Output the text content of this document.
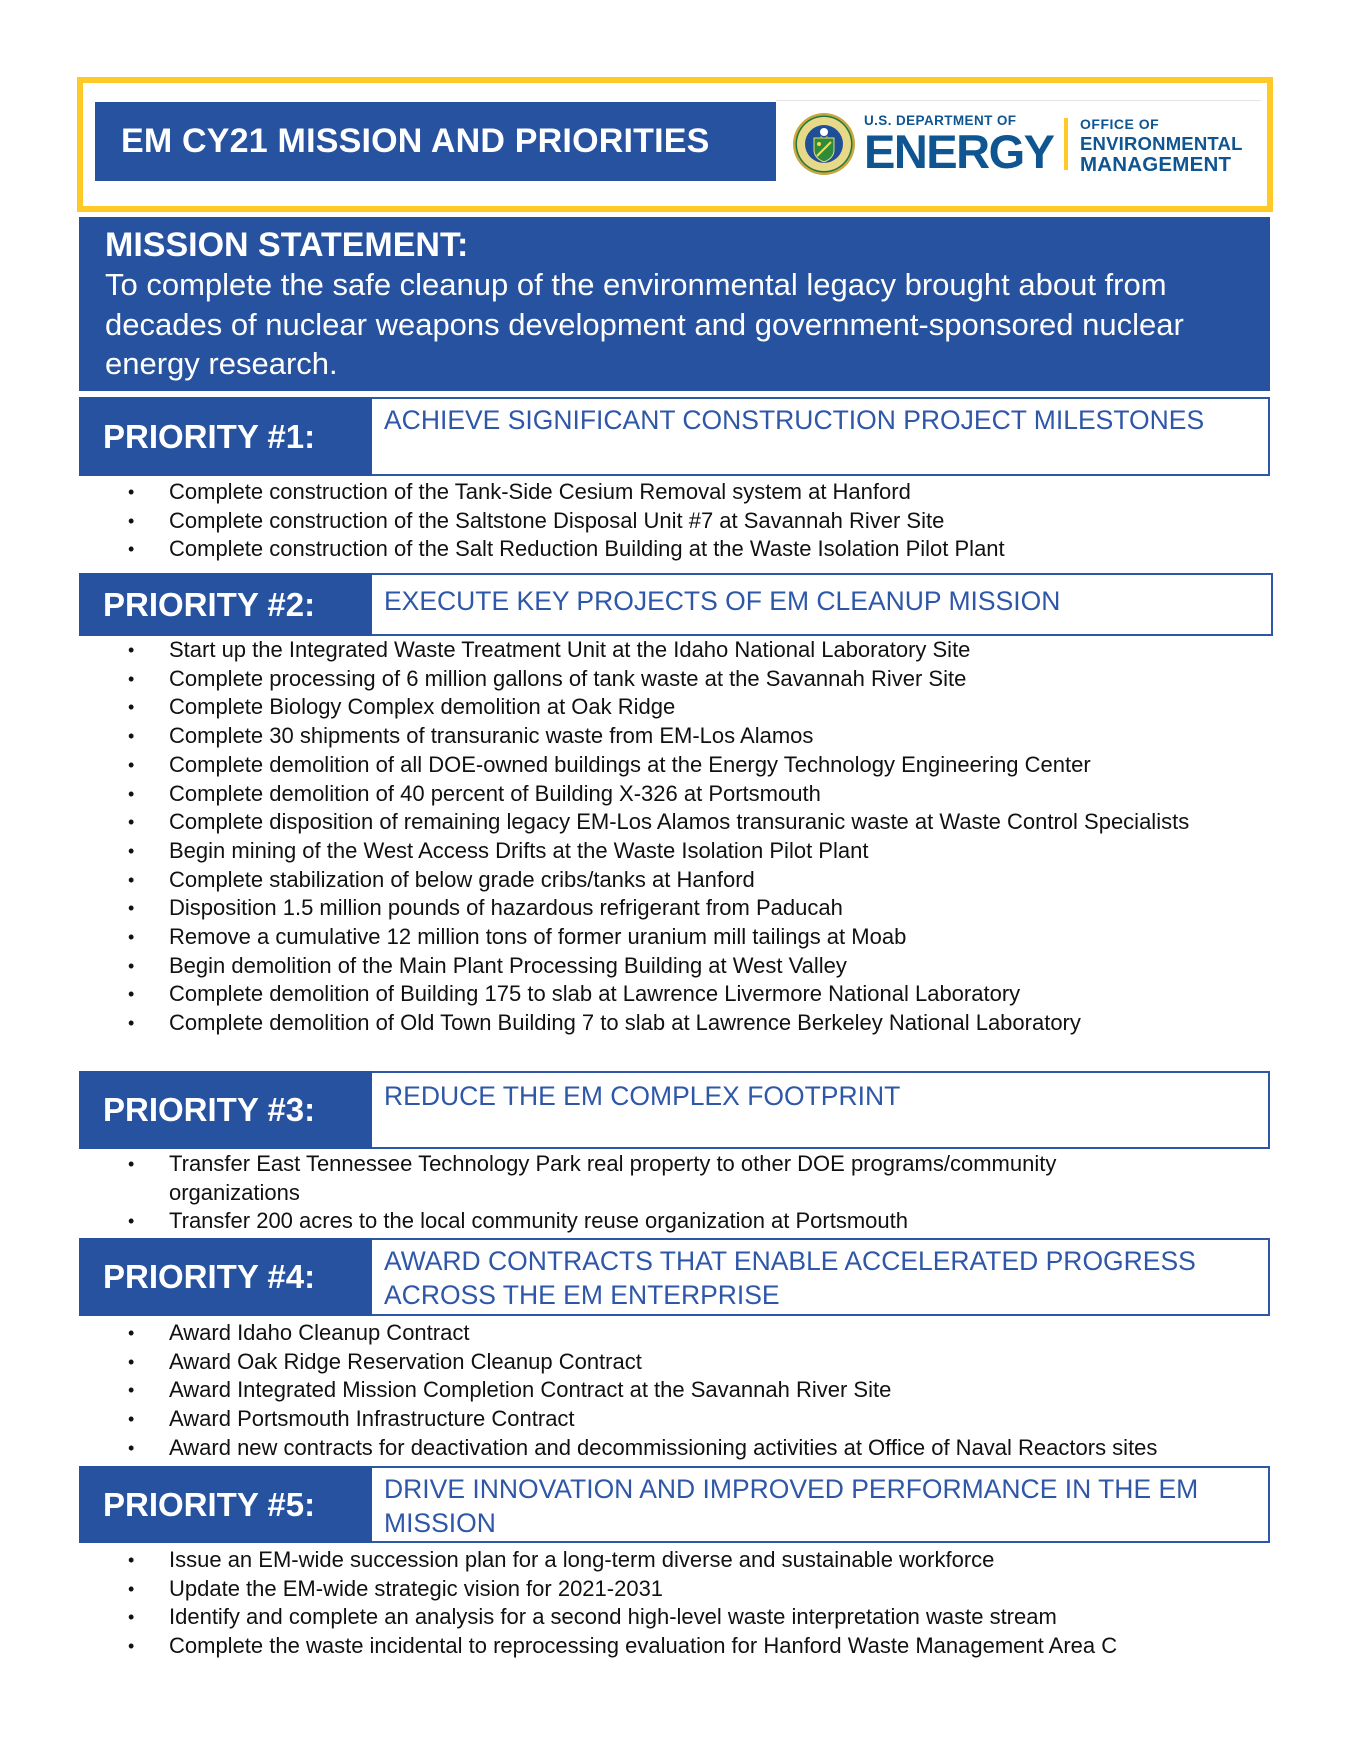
EM CY21 MISSION AND PRIORITIES
U.S. DEPARTMENT OF
ENERGY
OFFICE OF
ENVIRONMENTAL
MANAGEMENT
MISSION STATEMENT:
To complete the safe cleanup of the environmental legacy brought about from decades of nuclear weapons development and government-sponsored nuclear energy research.
PRIORITY #1:	ACHIEVE SIGNIFICANT CONSTRUCTION PROJECT MILESTONES
• Complete construction of the Tank-Side Cesium Removal system at Hanford
• Complete construction of the Saltstone Disposal Unit #7 at Savannah River Site
• Complete construction of the Salt Reduction Building at the Waste Isolation Pilot Plant
PRIORITY #2:	EXECUTE KEY PROJECTS OF EM CLEANUP MISSION
• Start up the Integrated Waste Treatment Unit at the Idaho National Laboratory Site
• Complete processing of 6 million gallons of tank waste at the Savannah River Site
• Complete Biology Complex demolition at Oak Ridge
• Complete 30 shipments of transuranic waste from EM-Los Alamos
• Complete demolition of all DOE-owned buildings at the Energy Technology Engineering Center
• Complete demolition of 40 percent of Building X-326 at Portsmouth
• Complete disposition of remaining legacy EM-Los Alamos transuranic waste at Waste Control Specialists
• Begin mining of the West Access Drifts at the Waste Isolation Pilot Plant
• Complete stabilization of below grade cribs/tanks at Hanford
• Disposition 1.5 million pounds of hazardous refrigerant from Paducah
• Remove a cumulative 12 million tons of former uranium mill tailings at Moab
• Begin demolition of the Main Plant Processing Building at West Valley
• Complete demolition of Building 175 to slab at Lawrence Livermore National Laboratory
• Complete demolition of Old Town Building 7 to slab at Lawrence Berkeley National Laboratory
PRIORITY #3:	REDUCE THE EM COMPLEX FOOTPRINT
• Transfer East Tennessee Technology Park real property to other DOE programs/community organizations
• Transfer 200 acres to the local community reuse organization at Portsmouth
PRIORITY #4:	AWARD CONTRACTS THAT ENABLE ACCELERATED PROGRESS ACROSS THE EM ENTERPRISE
• Award Idaho Cleanup Contract
• Award Oak Ridge Reservation Cleanup Contract
• Award Integrated Mission Completion Contract at the Savannah River Site
• Award Portsmouth Infrastructure Contract
• Award new contracts for deactivation and decommissioning activities at Office of Naval Reactors sites
PRIORITY #5:	DRIVE INNOVATION AND IMPROVED PERFORMANCE IN THE EM MISSION
• Issue an EM-wide succession plan for a long-term diverse and sustainable workforce
• Update the EM-wide strategic vision for 2021-2031
• Identify and complete an analysis for a second high-level waste interpretation waste stream
• Complete the waste incidental to reprocessing evaluation for Hanford Waste Management Area C
